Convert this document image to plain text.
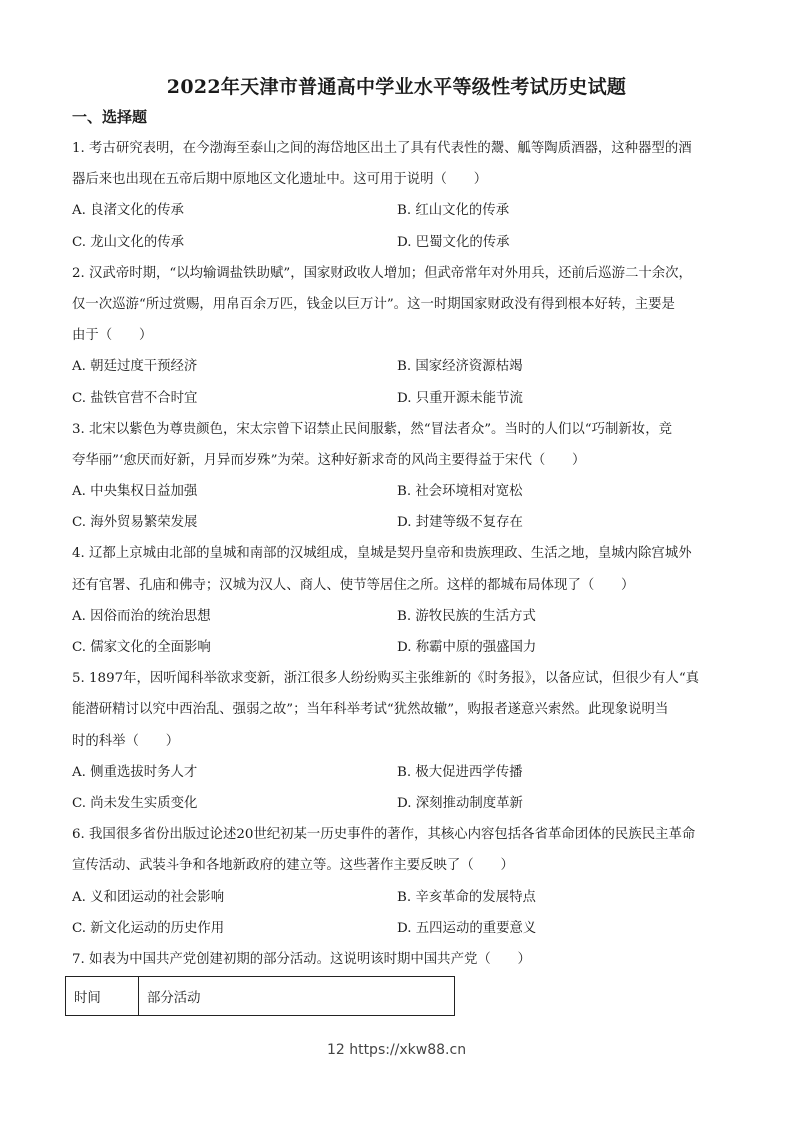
2022年天津市普通高中学业水平等级性考试历史试题
一、选择题
1. 考古研究表明，在今渤海至泰山之间的海岱地区出土了具有代表性的鬶、觚等陶质酒器，这种器型的酒
器后来也出现在五帝后期中原地区文化遗址中。这可用于说明（　　）
A. 良渚文化的传承	B. 红山文化的传承
C. 龙山文化的传承	D. 巴蜀文化的传承
2. 汉武帝时期，“以均输调盐铁助赋”，国家财政收人增加；但武帝常年对外用兵，还前后巡游二十余次，
仅一次巡游“所过赏赐，用帛百余万匹，钱金以巨万计”。这一时期国家财政没有得到根本好转，主要是
由于（　　）
A. 朝廷过度干预经济	B. 国家经济资源枯竭
C. 盐铁官营不合时宜	D. 只重开源未能节流
3. 北宋以紫色为尊贵颜色，宋太宗曾下诏禁止民间服紫，然“冒法者众”。当时的人们以“巧制新妆，竞
夸华丽”‘愈厌而好新，月异而岁殊”为荣。这种好新求奇的风尚主要得益于宋代（　　）
A. 中央集权日益加强	B. 社会环境相对宽松
C. 海外贸易繁荣发展	D. 封建等级不复存在
4. 辽都上京城由北部的皇城和南部的汉城组成，皇城是契丹皇帝和贵族理政、生活之地，皇城内除宫城外
还有官署、孔庙和佛寺；汉城为汉人、商人、使节等居住之所。这样的都城布局体现了（　　）
A. 因俗而治的统治思想	B. 游牧民族的生活方式
C. 儒家文化的全面影响	D. 称霸中原的强盛国力
5. 1897年，因听闻科举欲求变新，浙江很多人纷纷购买主张维新的《时务报》，以备应试，但很少有人“真
能潜研精讨以究中西治乱、强弱之故”；当年科举考试“犹然故辙”，购报者遂意兴索然。此现象说明当
时的科举（　　）
A. 侧重选拔时务人才	B. 极大促进西学传播
C. 尚未发生实质变化	D. 深刻推动制度革新
6. 我国很多省份出版过论述20世纪初某一历史事件的著作，其核心内容包括各省革命团体的民族民主革命
宣传活动、武装斗争和各地新政府的建立等。这些著作主要反映了（　　）
A. 义和团运动的社会影响	B. 辛亥革命的发展特点
C. 新文化运动的历史作用	D. 五四运动的重要意义
7. 如表为中国共产党创建初期的部分活动。这说明该时期中国共产党（　　）
时间	部分活动
12 https://xkw88.cn
